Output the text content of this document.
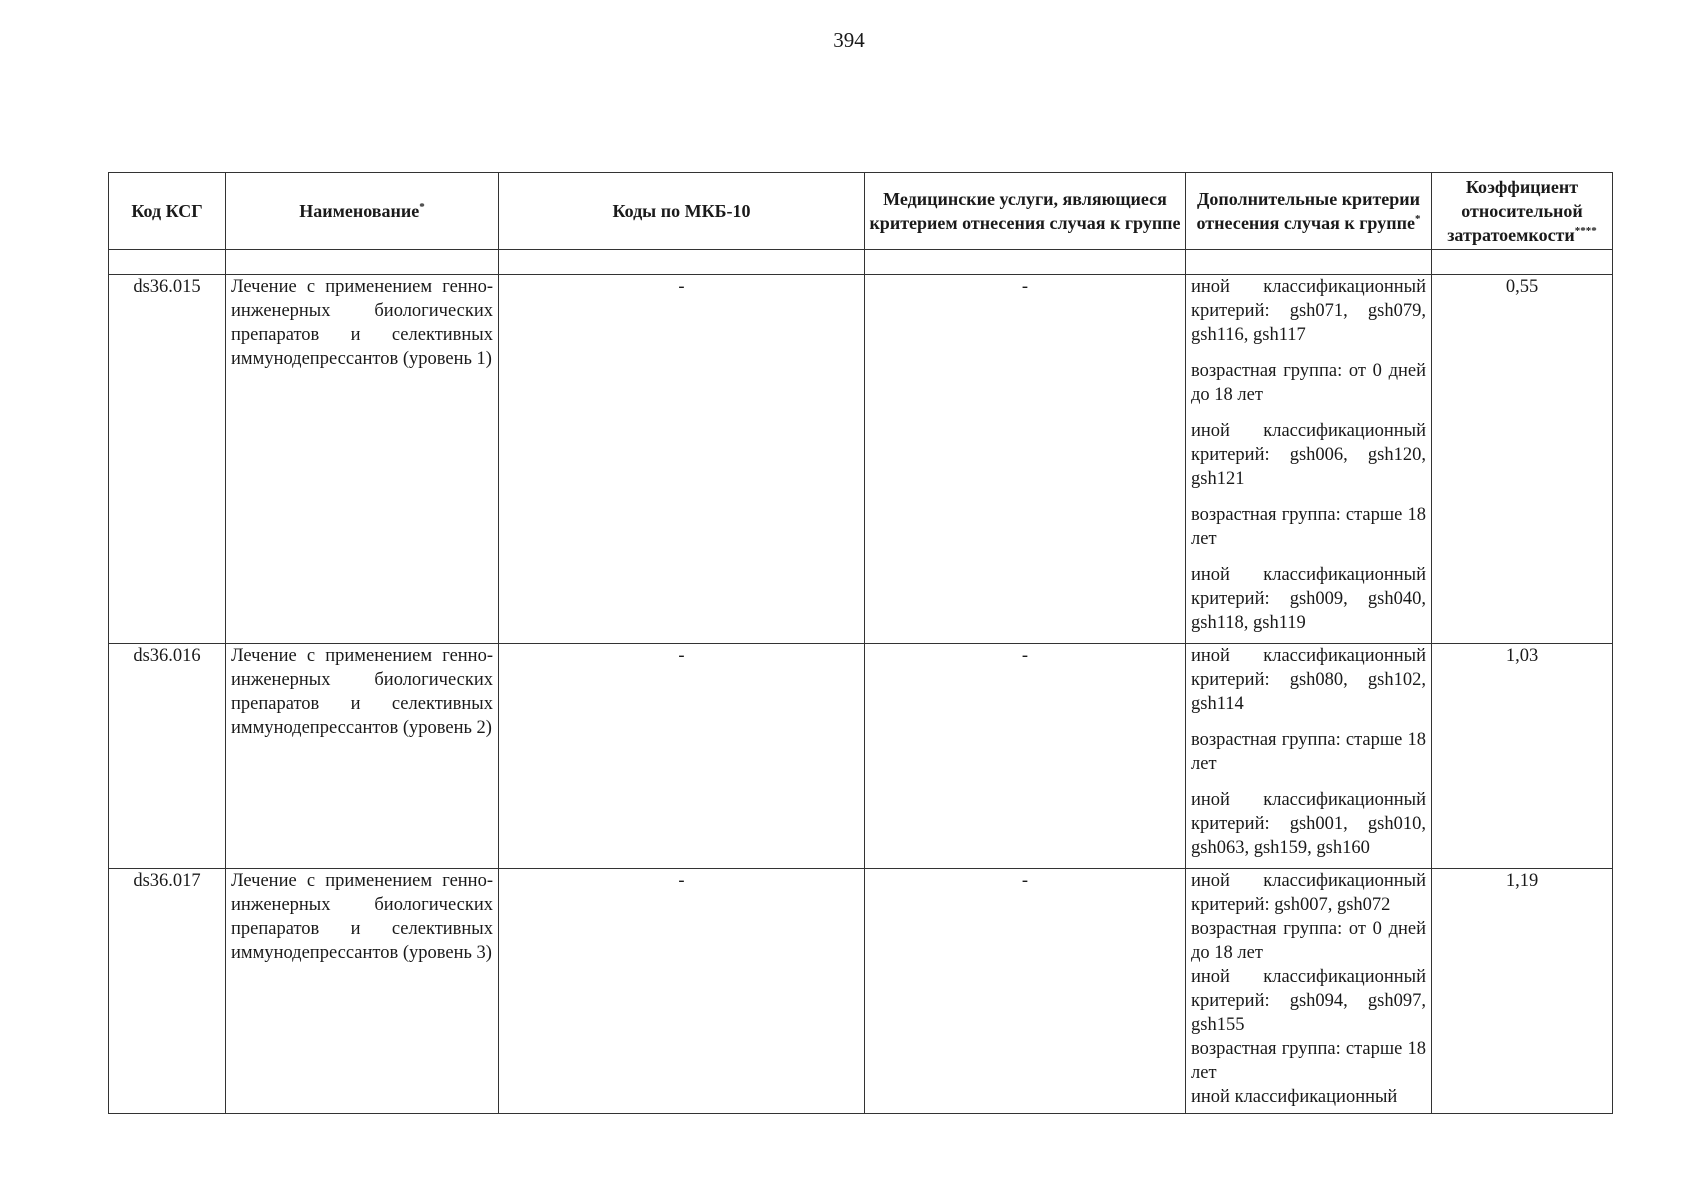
394
Код КСГ	Наименование*	Коды по МКБ-10	Медицинские услуги, являющиеся критерием отнесения случая к группе	Дополнительные критерии отнесения случая к группе*	Коэффициент относительной затратоемкости****

ds36.015	Лечение с применением генно-инженерных биологических препаратов и селективных иммунодепрессантов (уровень 1)	-	-	иной классификационный критерий: gsh071, gsh079, gsh116, gsh117
возрастная группа: от 0 дней до 18 лет
иной классификационный критерий: gsh006, gsh120, gsh121
возрастная группа: старше 18 лет
иной классификационный критерий: gsh009, gsh040, gsh118, gsh119	0,55
ds36.016	Лечение с применением генно-инженерных биологических препаратов и селективных иммунодепрессантов (уровень 2)	-	-	иной классификационный критерий: gsh080, gsh102, gsh114
возрастная группа: старше 18 лет
иной классификационный критерий: gsh001, gsh010, gsh063, gsh159, gsh160	1,03
ds36.017	Лечение с применением генно-инженерных биологических препаратов и селективных иммунодепрессантов (уровень 3)	-	-	иной классификационный критерий: gsh007, gsh072
возрастная группа: от 0 дней до 18 лет
иной классификационный критерий: gsh094, gsh097, gsh155
возрастная группа: старше 18 лет
иной классификационный	1,19
